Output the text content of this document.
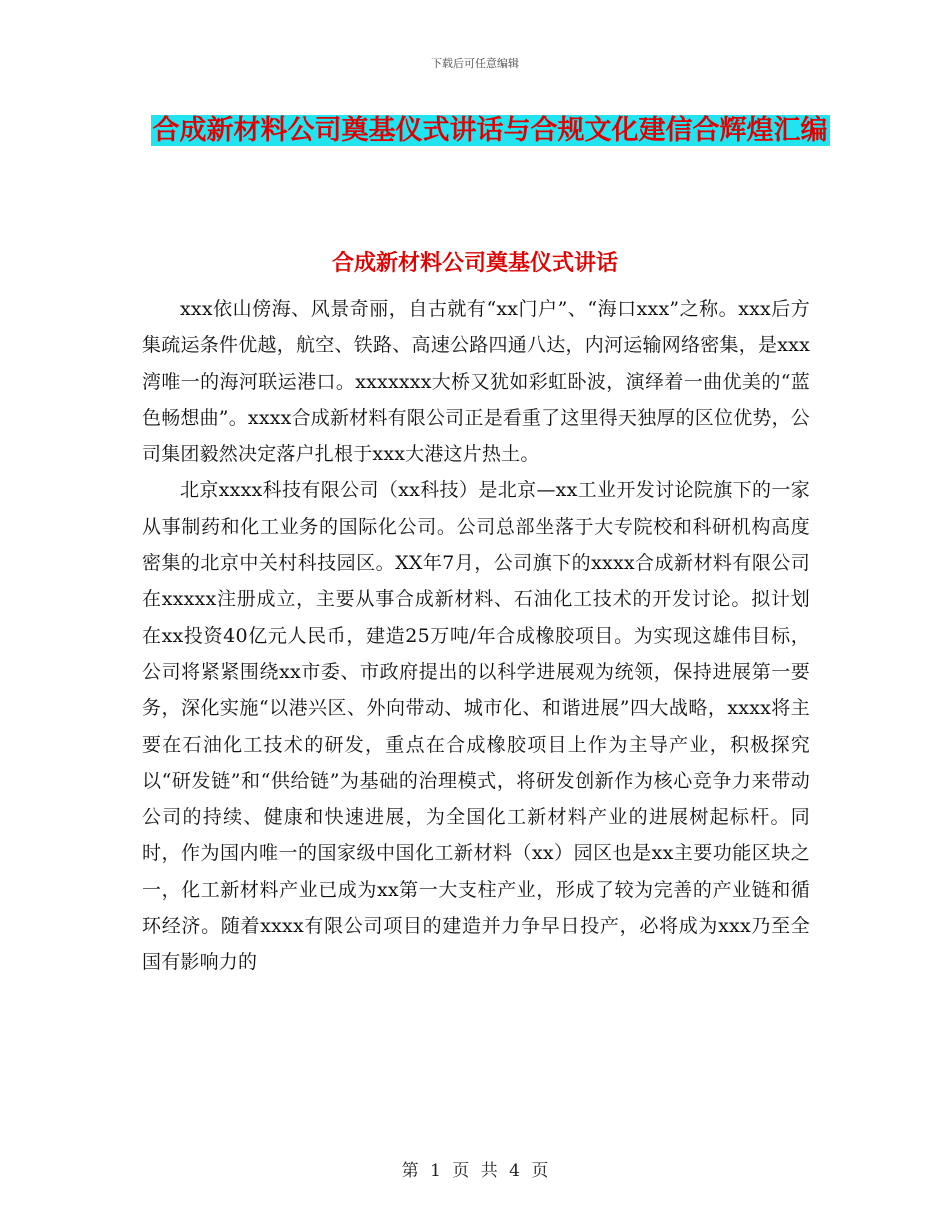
下载后可任意编辑
合成新材料公司奠基仪式讲话与合规文化建信合辉煌汇编
合成新材料公司奠基仪式讲话

xxx依山傍海、风景奇丽，自古就有“xx门户”、“海口xxx”之称。xxx后方集疏运条件优越，航空、铁路、高速公路四通八达，内河运输网络密集，是xxx湾唯一的海河联运港口。xxxxxxx大桥又犹如彩虹卧波，演绎着一曲优美的“蓝色畅想曲”。xxxx合成新材料有限公司正是看重了这里得天独厚的区位优势，公司集团毅然决定落户扎根于xxx大港这片热土。

北京xxxx科技有限公司（xx科技）是北京—xx工业开发讨论院旗下的一家从事制药和化工业务的国际化公司。公司总部坐落于大专院校和科研机构高度密集的北京中关村科技园区。XX年7月，公司旗下的xxxx合成新材料有限公司在xxxxx注册成立，主要从事合成新材料、石油化工技术的开发讨论。拟计划在xx投资40亿元人民币，建造25万吨/年合成橡胶项目。为实现这雄伟目标，公司将紧紧围绕xx市委、市政府提出的以科学进展观为统领，保持进展第一要务，深化实施“以港兴区、外向带动、城市化、和谐进展”四大战略，xxxx将主要在石油化工技术的研发，重点在合成橡胶项目上作为主导产业，积极探究以“研发链”和“供给链”为基础的治理模式，将研发创新作为核心竞争力来带动公司的持续、健康和快速进展，为全国化工新材料产业的进展树起标杆。同时，作为国内唯一的国家级中国化工新材料（xx）园区也是xx主要功能区块之一，化工新材料产业已成为xx第一大支柱产业，形成了较为完善的产业链和循环经济。随着xxxx有限公司项目的建造并力争早日投产，必将成为xxx乃至全国有影响力的

第 1 页 共 4 页
